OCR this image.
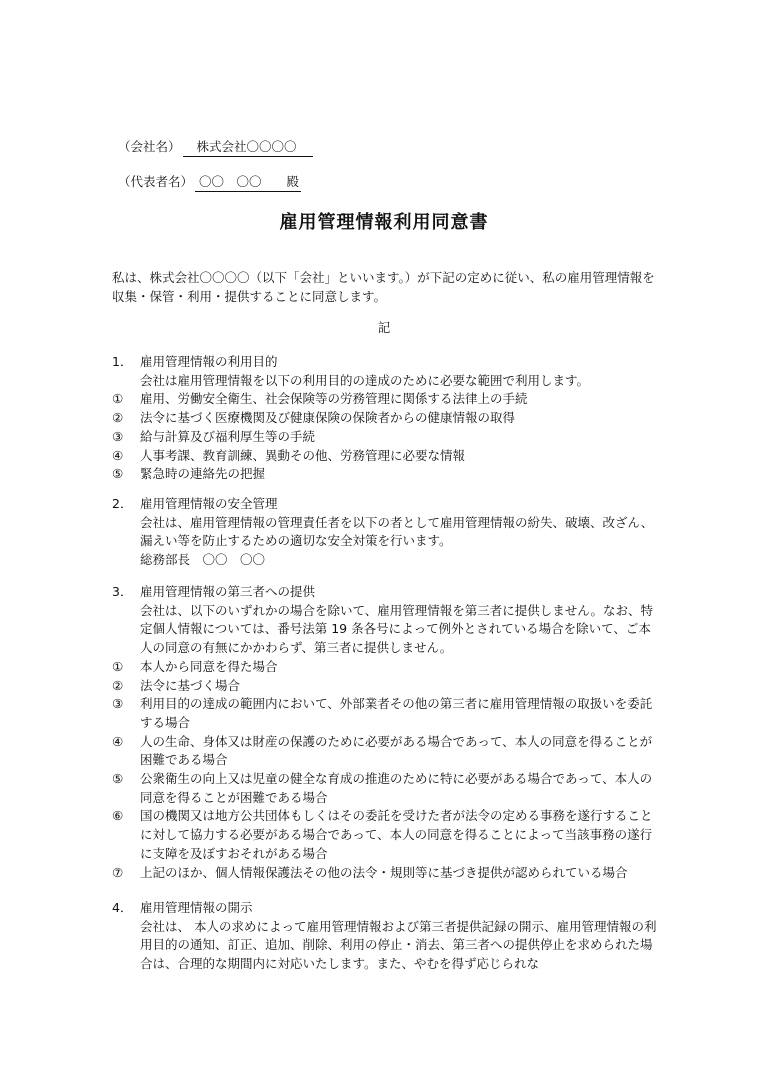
（会社名） 株式会社〇〇〇〇
（代表者名） 〇〇　〇〇　　殿
雇用管理情報利用同意書
私は、株式会社〇〇〇〇（以下「会社」といいます。）が下記の定めに従い、私の雇用管理情報を収集・保管・利用・提供することに同意します。
記
1． 雇用管理情報の利用目的
会社は雇用管理情報を以下の利用目的の達成のために必要な範囲で利用します。
① 雇用、労働安全衛生、社会保険等の労務管理に関係する法律上の手続
② 法令に基づく医療機関及び健康保険の保険者からの健康情報の取得
③ 給与計算及び福利厚生等の手続
④ 人事考課、教育訓練、異動その他、労務管理に必要な情報
⑤ 緊急時の連絡先の把握
2． 雇用管理情報の安全管理
会社は、雇用管理情報の管理責任者を以下の者として雇用管理情報の紛失、破壊、改ざん、漏えい等を防止するための適切な安全対策を行います。
総務部長　〇〇　〇〇
3． 雇用管理情報の第三者への提供
会社は、以下のいずれかの場合を除いて、雇用管理情報を第三者に提供しません。なお、特定個人情報については、番号法第 19 条各号によって例外とされている場合を除いて、ご本人の同意の有無にかかわらず、第三者に提供しません。
① 本人から同意を得た場合
② 法令に基づく場合
③ 利用目的の達成の範囲内において、外部業者その他の第三者に雇用管理情報の取扱いを委託する場合
④ 人の生命、身体又は財産の保護のために必要がある場合であって、本人の同意を得ることが困難である場合
⑤ 公衆衛生の向上又は児童の健全な育成の推進のために特に必要がある場合であって、本人の同意を得ることが困難である場合
⑥ 国の機関又は地方公共団体もしくはその委託を受けた者が法令の定める事務を遂行することに対して協力する必要がある場合であって、本人の同意を得ることによって当該事務の遂行に支障を及ぼすおそれがある場合
⑦ 上記のほか、個人情報保護法その他の法令・規則等に基づき提供が認められている場合
4． 雇用管理情報の開示
会社は、 本人の求めによって雇用管理情報および第三者提供記録の開示、雇用管理情報の利用目的の通知、訂正、追加、削除、利用の停止・消去、第三者への提供停止を求められた場合は、合理的な期間内に対応いたします。また、やむを得ず応じられな
